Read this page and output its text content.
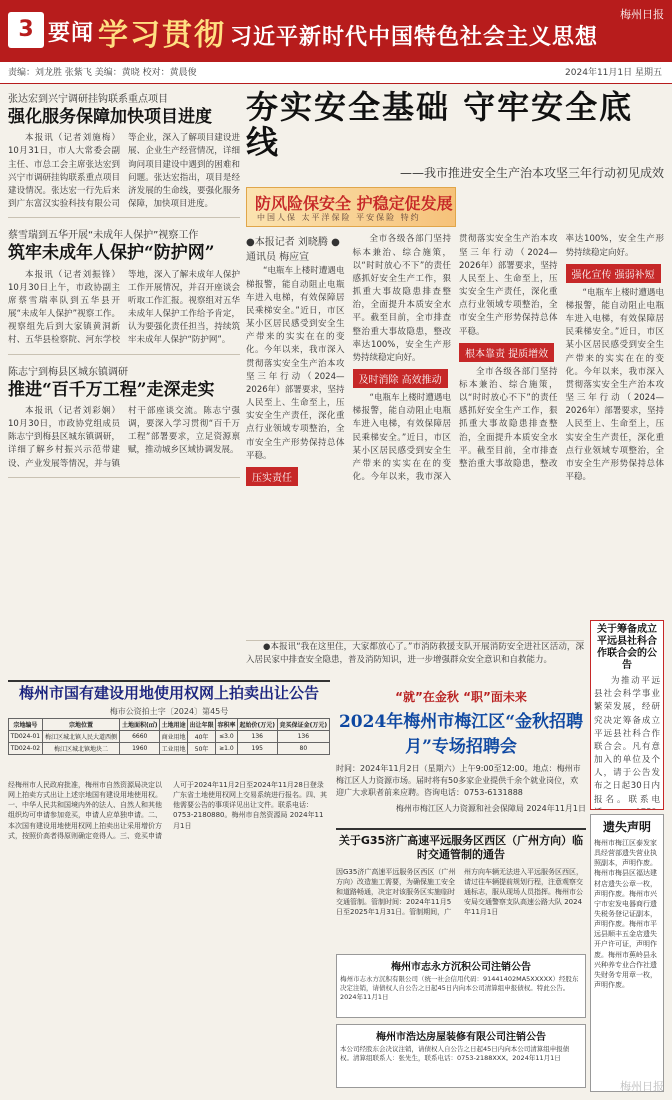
3 要闻 学习贯彻 习近平新时代中国特色社会主义思想
梅州日报
责编：刘龙胜 张紫飞 美编：黄晓 校对：黄晨俊	2024年11月1日 星期五
张达宏到兴宁调研挂钩联系重点项目
强化服务保障加快项目进度
本报讯（记者刘施梅）10月31日，市人大常委会副主任、市总工会主席张达宏到兴宁市调研挂钩联系重点项目建设情况。张达宏一行先后来到广东富汉实验科技有限公司等企业，深入了解项目建设进展、企业生产经营情况，详细询问项目建设中遇到的困难和问题。张达宏指出，项目是经济发展的生命线，要强化服务保障，加快项目进度。
蔡雪瑞到五华开展“未成年人保护”视察工作
筑牢未成年人保护“防护网”
本报讯（记者刘振锋）10月30日上午，市政协副主席蔡雪瑞率队到五华县开展“未成年人保护”视察工作。视察组先后到大家镇黄洞新村、五华县检察院、河东学校等地，深入了解未成年人保护工作开展情况，并召开座谈会听取工作汇报。视察组对五华未成年人保护工作给予肯定，认为要强化责任担当，持续筑牢未成年人保护“防护网”。
陈志宁到梅县区城东镇调研
推进“百千万工程”走深走实
本报讯（记者刘彩娴）10月30日，市政协党组成员陈志宁到梅县区城东镇调研，详细了解乡村振兴示范带建设、产业发展等情况，并与镇村干部座谈交流。陈志宁强调，要深入学习贯彻“百千万工程”部署要求，立足资源禀赋，推动城乡区域协调发展。
夯实安全基础 守牢安全底线
——我市推进安全生产治本攻坚三年行动初见成效
防风险保安全 护稳定促发展
中国人保 太平洋保险 平安保险 特约
●本报记者 刘晓腾 ●通讯员 梅应宣
“电瓶车上楼时遭遇电梯报警，能自动阻止电瓶车进入电梯，有效保障居民乘梯安全。”近日，市区某小区居民感受到安全生产带来的实实在在的变化。今年以来，我市深入贯彻落实安全生产治本攻坚三年行动（2024—2026年）部署要求，坚持人民至上、生命至上，压实安全生产责任，深化重点行业领域专项整治，全市安全生产形势保持总体平稳。
压实责任
全市各级各部门坚持标本兼治、综合施策，以“时时放心不下”的责任感抓好安全生产工作，狠抓重大事故隐患排查整治，全面提升本质安全水平。截至目前，全市排查整治重大事故隐患，整改率达100%，安全生产形势持续稳定向好。
及时消除 高效推动
“电瓶车上楼时遭遇电梯报警，能自动阻止电瓶车进入电梯，有效保障居民乘梯安全。”近日，市区某小区居民感受到安全生产带来的实实在在的变化。今年以来，我市深入贯彻落实安全生产治本攻坚三年行动（2024—2026年）部署要求，坚持人民至上、生命至上，压实安全生产责任，深化重点行业领域专项整治，全市安全生产形势保持总体平稳。
根本靠责 提质增效
全市各级各部门坚持标本兼治、综合施策，以“时时放心不下”的责任感抓好安全生产工作，狠抓重大事故隐患排查整治，全面提升本质安全水平。截至目前，全市排查整治重大事故隐患，整改率达100%，安全生产形势持续稳定向好。
强化宣传 强弱补短
“电瓶车上楼时遭遇电梯报警，能自动阻止电瓶车进入电梯，有效保障居民乘梯安全。”近日，市区某小区居民感受到安全生产带来的实实在在的变化。今年以来，我市深入贯彻落实安全生产治本攻坚三年行动（2024—2026年）部署要求，坚持人民至上、生命至上，压实安全生产责任，深化重点行业领域专项整治，全市安全生产形势保持总体平稳。
●本报讯“我在这里住，大家都放心了。”市消防救援支队开展消防安全进社区活动，深入居民家中排查安全隐患，普及消防知识，进一步增强群众安全意识和自救能力。
关于筹备成立平远县社科合作联合会的公告
为推动平远县社会科学事业繁荣发展，经研究决定筹备成立平远县社科合作联合会。凡有意加入的单位及个人，请于公告发布之日起30日内报名。联系电
梅州市国有建设用地使用权网上拍卖出让公告
梅市公资拍土字〔2024〕第45号
宗地编号	宗地位置	土地面积(㎡)	土地用途	出让年限	容积率	起始价(万元)	竞买保证金(万元)
TD024-01	梅江区城北镇人民大道西侧	6660	商业用地	40年	≤3.0	136	136
TD024-02	梅江区城北镇地块二	1960	工业用地	50年	≥1.0	195	80
经梅州市人民政府批准，梅州市自然资源局决定以网上拍卖方式出让上述宗地国有建设用地使用权。一、中华人民共和国境内外的法人、自然人和其他组织均可申请参加竞买，申请人应单独申请。二、本次国有建设用地使用权网上拍卖出让采用增价方式，按照价高者得原则确定竞得人。三、竞买申请人可于2024年11月2日至2024年11月28日登录广东省土地使用权网上交易系统进行报名。四、其他需要公告的事项详见出让文件。联系电话：0753-2180880。梅州市自然资源局 2024年11月1日
“就”在金秋 “职”面未来
2024年梅州市梅江区“金秋招聘月”专场招聘会
时间：2024年11月2日（星期六）上午9:00至12:00。地点：梅州市梅江区人力资源市场。届时将有50多家企业提供千余个就业岗位，欢迎广大求职者前来应聘。咨询电话：0753-6131888
梅州市梅江区人力资源和社会保障局 2024年11月1日
关于G35济广高速平远服务区西区（广州方向）临时交通管制的通告
因G35济广高速平远服务区西区（广州方向）改造施工需要，为确保施工安全和道路畅通，决定对该服务区实施临时交通管制。管制时间：2024年11月5日至2025年1月31日。管制期间，广州方向车辆无法进入平远服务区西区，请过往车辆提前规划行程，注意观察交通标志，服从现场人员指挥。梅州市公安局交通警察支队高速公路大队 2024年11月1日
梅州市志永方沉积公司注销公告
梅州市志永方沉积有限公司（统一社会信用代码：91441402MA5XXXXX）经股东决定注销，请债权人自公告之日起45日内向本公司清算组申报债权。特此公告。2024年11月1日
梅州市浩达房屋装修有限公司注销公告
本公司经股东会决议注销，请债权人自公告之日起45日内向本公司清算组申报债权。清算组联系人：张先生，联系电话：0753-2188XXX。2024年11月1日
遗失声明
梅州市梅江区泰发家具经营部遗失营业执照副本，声明作废。梅州市梅县区福达建材店遗失公章一枚，声明作废。梅州市兴宁市宏发电器商行遗失税务登记证副本，声明作废。梅州市平远县顺丰五金店遗失开户许可证，声明作废。梅州市蕉岭县永兴种养专业合作社遗失财务专用章一枚，声明作废。
梅州日报
